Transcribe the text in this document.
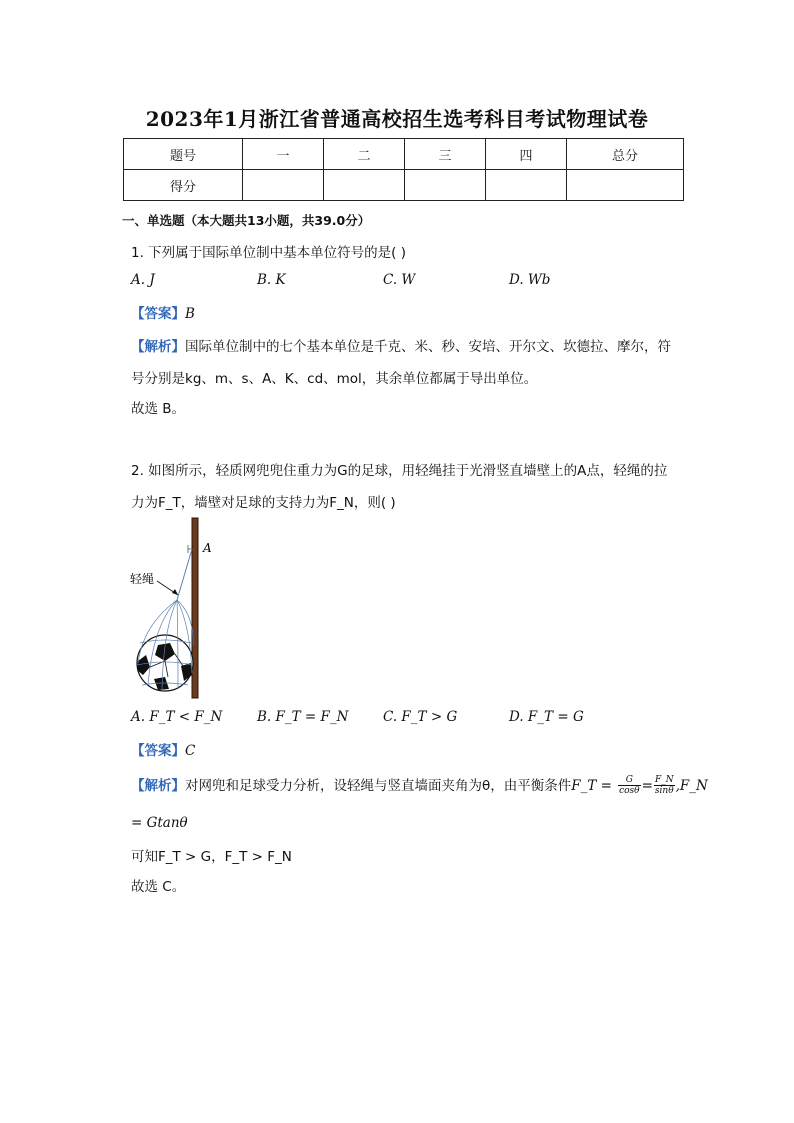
2023年1月浙江省普通高校招生选考科目考试物理试卷
题号	一	二	三	四	总分
得分					
一、单选题（本大题共13小题，共39.0分）
1. 下列属于国际单位制中基本单位符号的是( )
A. J	B. K	C. W	D. Wb
【答案】B
【解析】国际单位制中的七个基本单位是千克、米、秒、安培、开尔文、坎德拉、摩尔，符
号分别是kg、m、s、A、K、cd、mol，其余单位都属于导出单位。
故选 B。
2. 如图所示，轻质网兜兜住重力为G的足球，用轻绳挂于光滑竖直墙壁上的A点，轻绳的拉
力为F_T，墙壁对足球的支持力为F_N，则( )
A
轻绳
A. F_T < F_N	B. F_T = F_N	C. F_T > G	D. F_T = G
【答案】C
【解析】对网兜和足球受力分析，设轻绳与竖直墙面夹角为θ，由平衡条件F_T = $\frac{G}{\cos\theta} = \frac{F\_N}{\sin\theta}$ ,F_N
= Gtanθ
可知F_T > G，F_T > F_N
故选 C。
